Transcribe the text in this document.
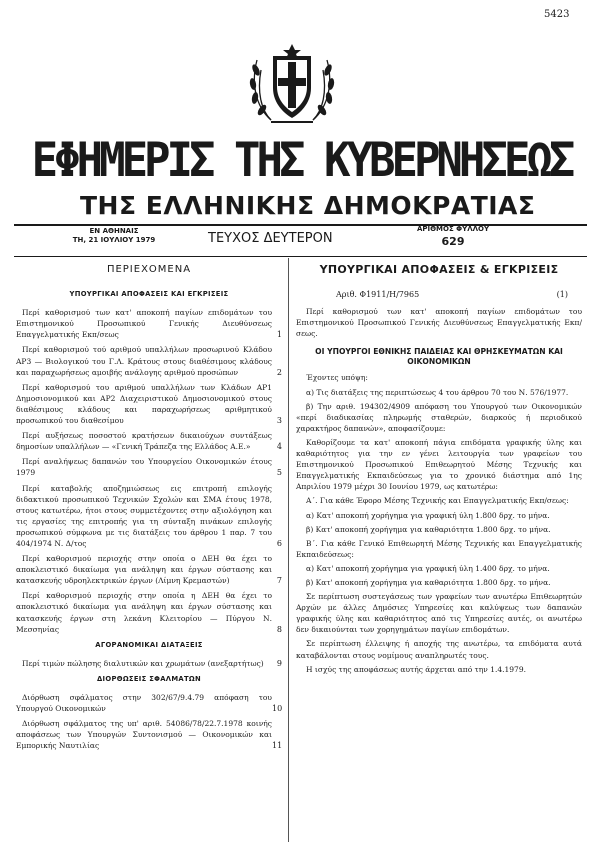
5423
ΕΦΗΜΕΡΙΣ ΤΗΣ ΚΥΒΕΡΝΗΣΕΩΣ
ΤΗΣ ΕΛΛΗΝΙΚΗΣ ΔΗΜΟΚΡΑΤΙΑΣ
ΕΝ ΑΘΗΝΑΙΣ
ΤΗ, 21 ΙΟΥΛΙΟΥ 1979	ΤΕΥΧΟΣ ΔΕΥΤΕΡΟΝ
ΑΡΙΘΜΟΣ ΦΥΛΛΟΥ
629
ΠΕΡΙΕΧΟΜΕΝΑ
ΥΠΟΥΡΓΙΚΑΙ ΑΠΟΦΑΣΕΙΣ ΚΑΙ ΕΓΚΡΙΣΕΙΣ
Περί καθορισμού των κατ' αποκοπή παγίων επιδομάτων του Επιστημονικού Προσωπικού Γενικής Διευθύνσεως Επαγγελματικής Εκπ/σεως	1
Περί καθορισμού τού αριθμού υπαλλήλων προσωρινού Κλάδου ΑΡ3 — Βιολογικού του Γ.Λ. Κράτους στους διαθέσιμους κλάδους και παραχωρήσεως αμοιβής ανάλογης αριθμού προσώπων	2
Περί καθορισμού του αριθμού υπαλλήλων των Κλάδων ΑΡ1 Δημοσιονομικού και ΑΡ2 Διαχειριστικού Δημοσιονομικού στους διαθέσιμους κλάδους και παραχωρήσεως αριθμητικού προσωπικού του διαθεσίμου	3
Περί αυξήσεως ποσοστού κρατήσεων δικαιούχων συντάξεως δημοσίων υπαλλήλων — «Γενική Τράπεζα της Ελλάδος Α.Ε.»	4
Περί αναλήψεως δαπανών του Υπουργείου Οικονομικών έτους 1979	5
Περί καταβολής αποζημιώσεως εις επιτροπή επιλογής διδακτικού προσωπικού Τεχνικών Σχολών και ΣΜΑ έτους 1978, στους κατωτέρω, ήτοι στους συμμετέχοντες στην αξιολόγηση και τις εργασίες της επιτροπής για τη σύνταξη πινάκων επιλογής προσωπικού σύμφωνα με τις διατάξεις του άρθρου 1 παρ. 7 του 404/1974 Ν. Δ/τος	6
Περί καθορισμού περιοχής στην οποία ο ΔΕΗ θα έχει το αποκλειστικό δικαίωμα για ανάληψη και έργων σύστασης και κατασκευής υδροηλεκτρικών έργων (Λίμνη Κρεμαστών)	7
Περί καθορισμού περιοχής στην οποία η ΔΕΗ θα έχει το αποκλειστικό δικαίωμα για ανάληψη και έργων σύστασης και κατασκευής έργων στη λεκάνη Κλειτορίου — Πύργου Ν. Μεσσηνίας	8
ΑΓΟΡΑΝΟΜΙΚΑΙ ΔΙΑΤΑΞΕΙΣ
Περί τιμών πώλησης διαλυτικών και χρωμάτων (ανεξαρτήτως)	9
ΔΙΟΡΘΩΣΕΙΣ ΣΦΑΛΜΑΤΩΝ
Διόρθωση σφάλματος στην 302/67/9.4.79 απόφαση του Υπουργού Οικονομικών	10
Διόρθωση σφάλματος της υπ' αριθ. 54086/78/22.7.1978 κοινής αποφάσεως των Υπουργών Συντονισμού — Οικονομικών και Εμπορικής Ναυτιλίας	11
ΥΠΟΥΡΓΙΚΑΙ ΑΠΟΦΑΣΕΙΣ & ΕΓΚΡΙΣΕΙΣ
Αριθ. Φ1911/Η/7965	(1)

Περί καθορισμού των κατ' αποκοπή παγίων επιδομάτων του Επιστημονικού Προσωπικού Γενικής Διευθύνσεως Επαγγελματικής Εκπ/σεως.

ΟΙ ΥΠΟΥΡΓΟΙ ΕΘΝΙΚΗΣ ΠΑΙΔΕΙΑΣ ΚΑΙ ΘΡΗΣΚΕΥΜΑΤΩΝ ΚΑΙ ΟΙΚΟΝΟΜΙΚΩΝ

Έχοντες υπόψη:

α) Τις διατάξεις της περιπτώσεως 4 του άρθρου 70 του Ν. 576/1977.

β) Την αριθ. 194302/4909 απόφαση του Υπουργού των Οικονομικών «περί διαδικασίας πληρωμής σταθερών, διαρκούς ή περιοδικού χαρακτήρος δαπανών», αποφασίζουμε:

Καθορίζουμε τα κατ' αποκοπή πάγια επιδόματα γραφικής ύλης και καθαριότητος για την εν γένει λειτουργία των γραφείων του Επιστημονικού Προσωπικού Επιθεωρητού Μέσης Τεχνικής και Επαγγελματικής Εκπαιδεύσεως για το χρονικό διάστημα από 1ης Απριλίου 1979 μέχρι 30 Ιουνίου 1979, ως κατωτέρω:

Α΄. Για κάθε Έφορο Μέσης Τεχνικής και Επαγγελματικής Εκπ/σεως:

α) Κατ' αποκοπή χορήγημα για γραφική ύλη 1.800 δρχ. το μήνα.

β) Κατ' αποκοπή χορήγημα για καθαριότητα 1.800 δρχ. το μήνα.

Β΄. Για κάθε Γενικό Επιθεωρητή Μέσης Τεχνικής και Επαγγελματικής Εκπαιδεύσεως:

α) Κατ' αποκοπή χορήγημα για γραφική ύλη 1.400 δρχ. το μήνα.

β) Κατ' αποκοπή χορήγημα για καθαριότητα 1.800 δρχ. το μήνα.

Σε περίπτωση συστεγάσεως των γραφείων των ανωτέρω Επιθεωρητών Αρχών με άλλες Δημόσιες Υπηρεσίες και καλύψεως των δαπανών γραφικής ύλης και καθαριότητος από τις Υπηρεσίες αυτές, οι ανωτέρω δεν δικαιούνται των χορηγημάτων παγίων επιδομάτων.

Σε περίπτωση έλλειψης ή αποχής της ανωτέρω, τα επιδόματα αυτά καταβάλονται στους νομίμους αναπληρωτές τους.

Η ισχύς της αποφάσεως αυτής άρχεται από την 1.4.1979.
